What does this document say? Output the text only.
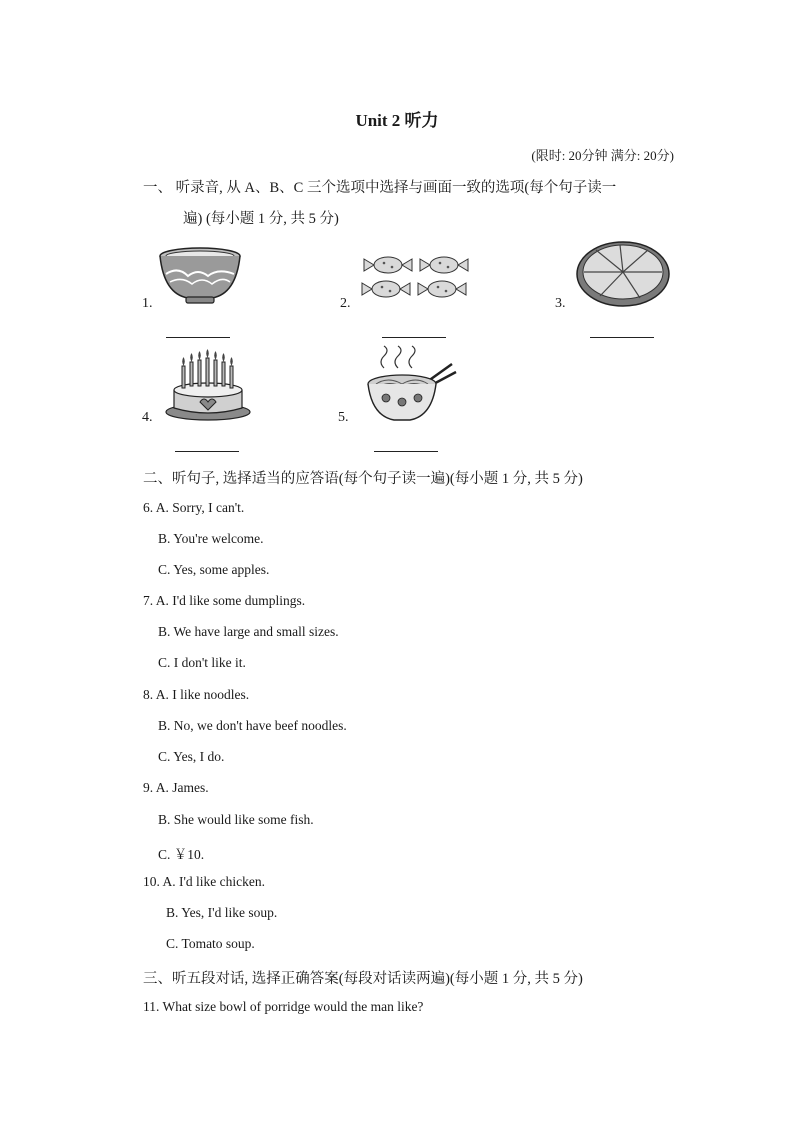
Unit 2 听力
(限时: 20分钟 满分: 20分)
一、 听录音, 从 A、B、C 三个选项中选择与画面一致的选项(每个句子读一
遍) (每小题 1 分, 共 5 分)
1.	2.	3.
4.	5.
二、听句子, 选择适当的应答语(每个句子读一遍)(每小题 1 分, 共 5 分)
6. A. Sorry, I can't.
B. You're welcome.
C. Yes, some apples.
7. A. I'd like some dumplings.
B. We have large and small sizes.
C. I don't like it.
8. A. I like noodles.
B. No, we don't have beef noodles.
C. Yes, I do.
9. A. James.
B. She would like some fish.
C. ￥10.
10. A. I'd like chicken.
B. Yes, I'd like soup.
C. Tomato soup.
三、听五段对话, 选择正确答案(每段对话读两遍)(每小题 1 分, 共 5 分)
11. What size bowl of porridge would the man like?
